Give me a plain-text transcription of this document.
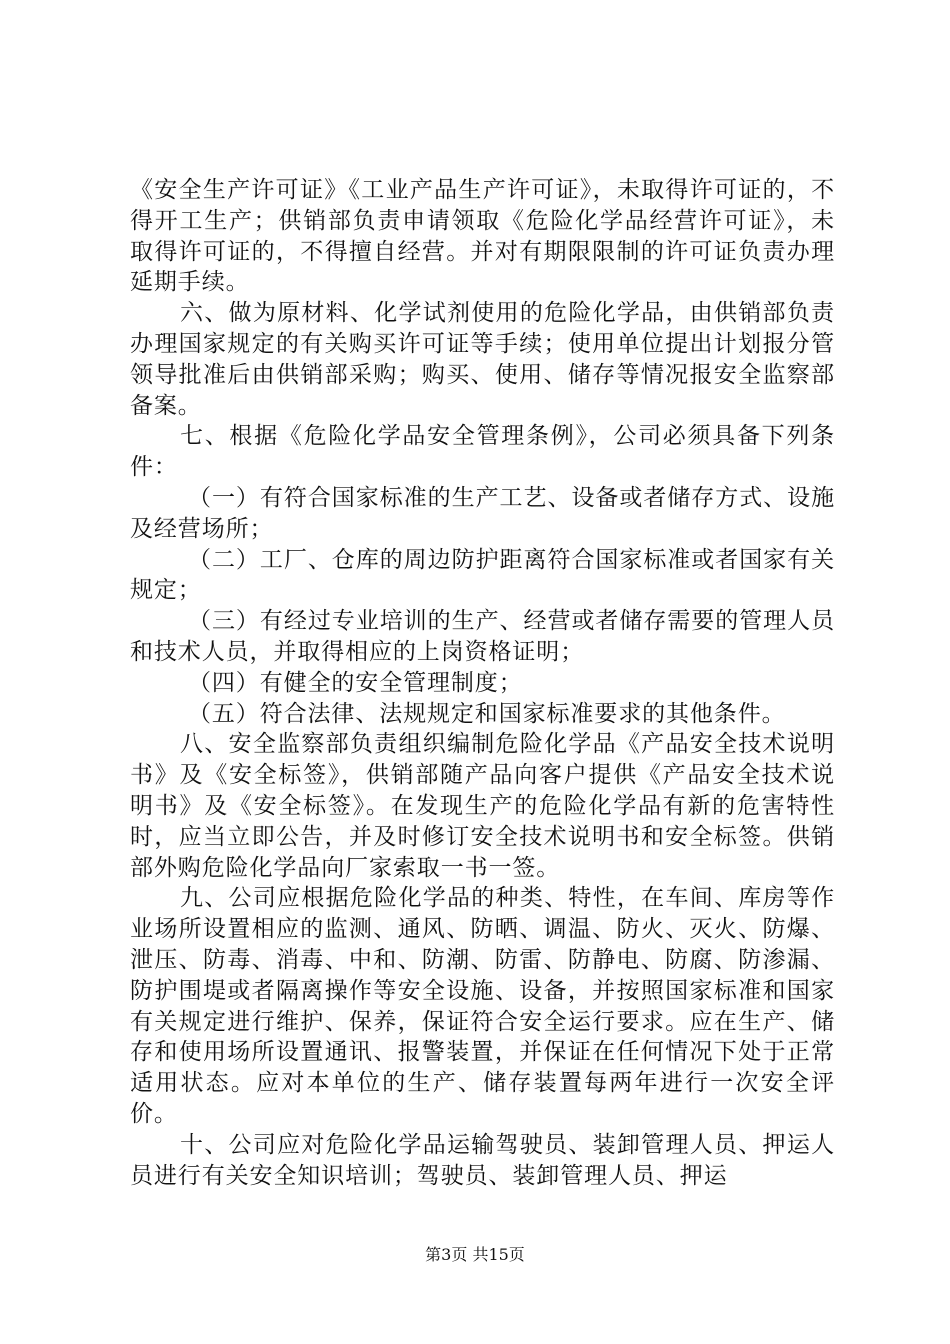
《安全生产许可证》《工业产品生产许可证》，未取得许可证的，不得开工生产；供销部负责申请领取《危险化学品经营许可证》，未取得许可证的，不得擅自经营。并对有期限限制的许可证负责办理延期手续。

六、做为原材料、化学试剂使用的危险化学品，由供销部负责办理国家规定的有关购买许可证等手续；使用单位提出计划报分管领导批准后由供销部采购；购买、使用、储存等情况报安全监察部备案。

七、根据《危险化学品安全管理条例》，公司必须具备下列条件：

（一）有符合国家标准的生产工艺、设备或者储存方式、设施及经营场所；

（二）工厂、仓库的周边防护距离符合国家标准或者国家有关规定；

（三）有经过专业培训的生产、经营或者储存需要的管理人员和技术人员，并取得相应的上岗资格证明；

（四）有健全的安全管理制度；

（五）符合法律、法规规定和国家标准要求的其他条件。

八、安全监察部负责组织编制危险化学品《产品安全技术说明书》及《安全标签》，供销部随产品向客户提供《产品安全技术说明书》及《安全标签》。在发现生产的危险化学品有新的危害特性时，应当立即公告，并及时修订安全技术说明书和安全标签。供销部外购危险化学品向厂家索取一书一签。

九、公司应根据危险化学品的种类、特性，在车间、库房等作业场所设置相应的监测、通风、防晒、调温、防火、灭火、防爆、泄压、防毒、消毒、中和、防潮、防雷、防静电、防腐、防渗漏、防护围堤或者隔离操作等安全设施、设备，并按照国家标准和国家有关规定进行维护、保养，保证符合安全运行要求。应在生产、储存和使用场所设置通讯、报警装置，并保证在任何情况下处于正常适用状态。应对本单位的生产、储存装置每两年进行一次安全评价。

十、公司应对危险化学品运输驾驶员、装卸管理人员、押运人员进行有关安全知识培训；驾驶员、装卸管理人员、押运

第3页 共15页
